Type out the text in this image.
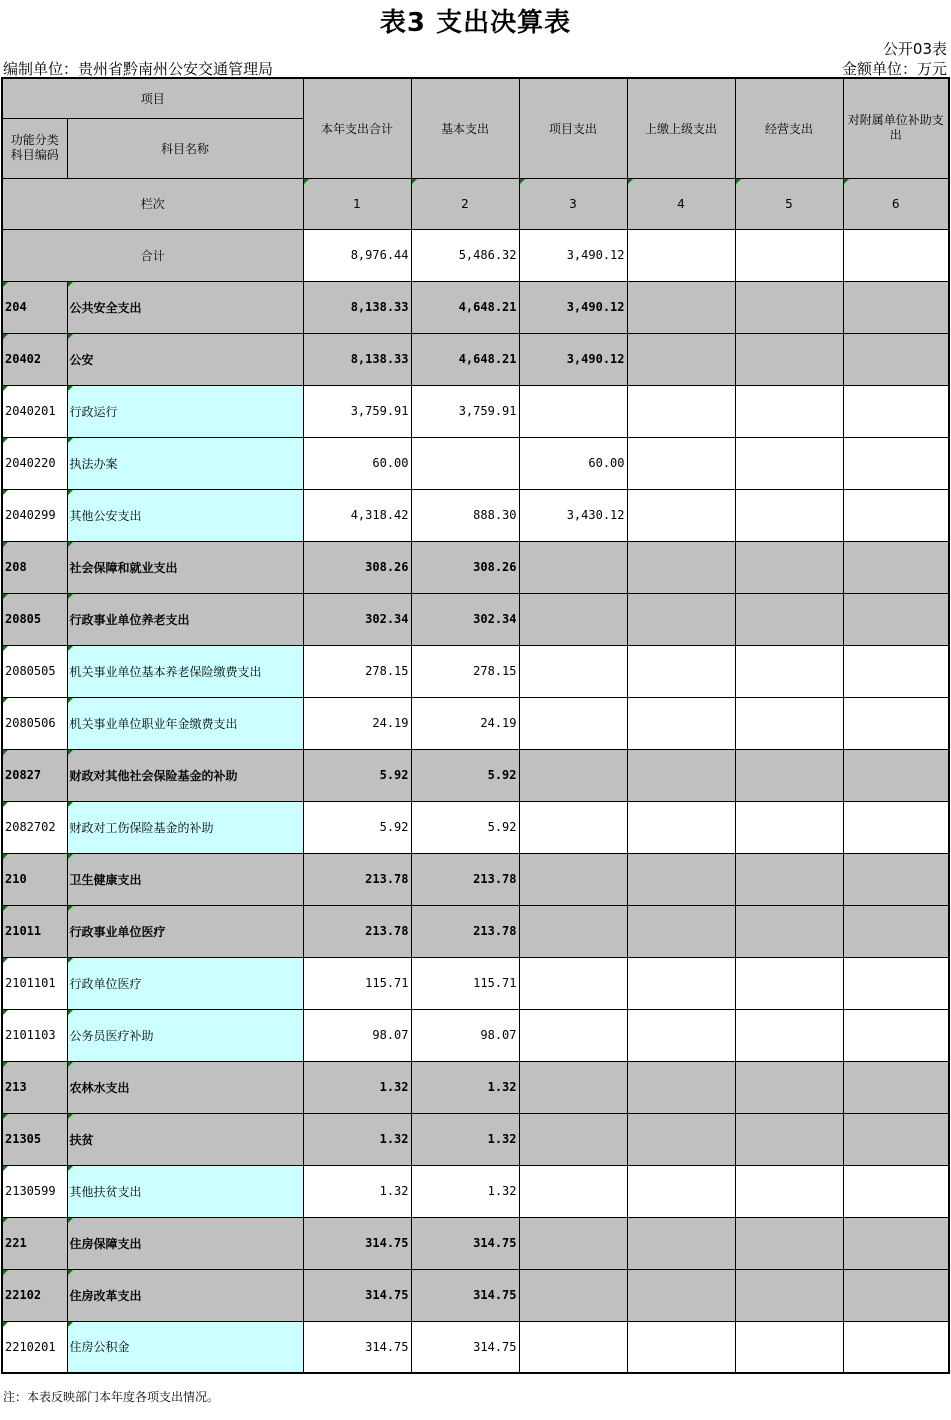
表3 支出决算表
公开03表
编制单位：贵州省黔南州公安交通管理局	金额单位：万元
项目		本年支出合计	基本支出	项目支出	上缴上级支出	经营支出	对附属单位补助支出
功能分类
科目编码	科目名称						
栏次		1	2	3	4	5	6
合计		8,976.44	5,486.32	3,490.12			
204	公共安全支出	8,138.33	4,648.21	3,490.12			
20402	公安	8,138.33	4,648.21	3,490.12			
2040201	行政运行	3,759.91	3,759.91				
2040220	执法办案	60.00		60.00			
2040299	其他公安支出	4,318.42	888.30	3,430.12			
208	社会保障和就业支出	308.26	308.26				
20805	行政事业单位养老支出	302.34	302.34				
2080505	机关事业单位基本养老保险缴费支出	278.15	278.15				
2080506	机关事业单位职业年金缴费支出	24.19	24.19				
20827	财政对其他社会保险基金的补助	5.92	5.92				
2082702	财政对工伤保险基金的补助	5.92	5.92				
210	卫生健康支出	213.78	213.78				
21011	行政事业单位医疗	213.78	213.78				
2101101	行政单位医疗	115.71	115.71				
2101103	公务员医疗补助	98.07	98.07				
213	农林水支出	1.32	1.32				
21305	扶贫	1.32	1.32				
2130599	其他扶贫支出	1.32	1.32				
221	住房保障支出	314.75	314.75				
22102	住房改革支出	314.75	314.75				
2210201	住房公积金	314.75	314.75				
注：本表反映部门本年度各项支出情况。
